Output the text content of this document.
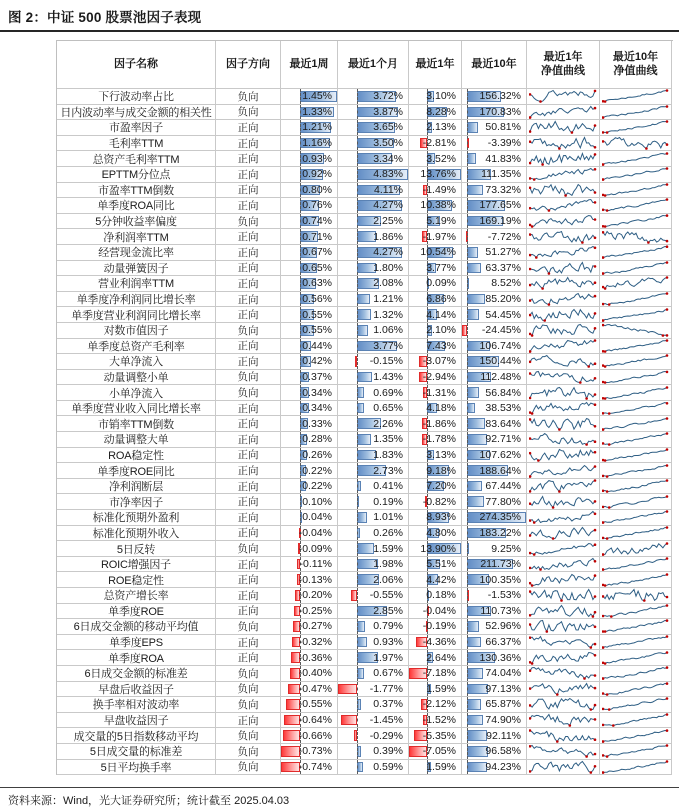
图 2：中证 500 股票池因子表现
因子名称	因子方向 最近1周 最近1个月 最近1年 最近10年
最近1年
净值曲线
最近10年
净值曲线
下行波动率占比	负向	1.45%	3.72%	3.10%	156.32%
日内波动率与成交金额的相关性	负向	1.33%	3.87%	8.28%	170.83%
市盈率因子	正向	1.21%	3.65%	2.13%	50.81%
毛利率TTM	正向	1.16%	3.50%	-2.81%	-3.39%
总资产毛利率TTM	正向	0.93%	3.34%	3.52%	41.83%
EPTTM分位点	正向	0.92%	4.83%	13.76%	111.35%
市盈率TTM倒数	正向	0.80%	4.11%	-1.49%	73.32%
单季度ROA同比	正向	0.76%	4.27%	10.38%	177.65%
5分钟收益率偏度	负向	0.74%	2.25%	5.19%	169.19%
净利润率TTM	正向	0.71%	1.86%	-1.97%	-7.72%
经营现金流比率	正向	0.67%	4.27%	10.54%	51.27%
动量弹簧因子	正向	0.65%	1.80%	3.77%	63.37%
营业利润率TTM	正向	0.63%	2.08%	0.09%	8.52%
单季度净利润同比增长率	正向	0.56%	1.21%	6.86%	85.20%
单季度营业利润同比增长率	正向	0.55%	1.32%	4.14%	54.45%
对数市值因子	负向	0.55%	1.06%	2.10%	-24.45%
单季度总资产毛利率	正向	0.44%	3.77%	7.43%	106.74%
大单净流入	正向	0.42%	-0.15%	-3.07%	150.44%
动量调整小单	负向	0.37%	1.43%	-2.94%	112.48%
小单净流入	负向	0.34%	0.69%	-1.31%	56.84%
单季度营业收入同比增长率	正向	0.34%	0.65%	4.18%	38.53%
市销率TTM倒数	正向	0.33%	2.26%	-1.86%	83.64%
动量调整大单	正向	0.28%	1.35%	-1.78%	92.71%
ROA稳定性	正向	0.26%	1.83%	3.13%	107.62%
单季度ROE同比	正向	0.22%	2.73%	9.18%	188.64%
净利润断层	正向	0.22%	0.41%	7.20%	67.44%
市净率因子	正向	0.10%	0.19%	-0.82%	77.80%
标准化预期外盈利	正向	0.04%	1.01%	8.93%	274.35%
标准化预期外收入	正向	-0.04%	0.26%	4.80%	183.22%
5日反转	负向	-0.09%	1.59%	13.90%	9.25%
ROIC增强因子	正向	-0.11%	1.98%	5.51%	211.73%
ROE稳定性	正向	-0.13%	2.06%	4.42%	100.35%
总资产增长率	正向	-0.20%	-0.55%	0.18%	-1.53%
单季度ROE	正向	-0.25%	2.85%	-0.04%	110.73%
6日成交金额的移动平均值	负向	-0.27%	0.79%	-0.19%	52.96%
单季度EPS	正向	-0.32%	0.93%	-4.36%	66.37%
单季度ROA	正向	-0.36%	1.97%	2.64%	130.36%
6日成交金额的标准差	负向	-0.40%	0.67%	-7.18%	74.04%
早盘后收益因子	负向	-0.47%	-1.77%	1.59%	97.13%
换手率相对波动率	负向	-0.55%	0.37%	-2.12%	65.87%
早盘收益因子	正向	-0.64%	-1.45%	-1.52%	74.90%
成交量的5日指数移动平均	负向	-0.66%	-0.29%	-5.35%	92.11%
5日成交量的标准差	负向	-0.73%	0.39%	-7.05%	96.58%
5日平均换手率	负向	-0.74%	0.59%	1.59%	94.23%
资料来源：Wind，光大证券研究所；统计截至 2025.04.03
